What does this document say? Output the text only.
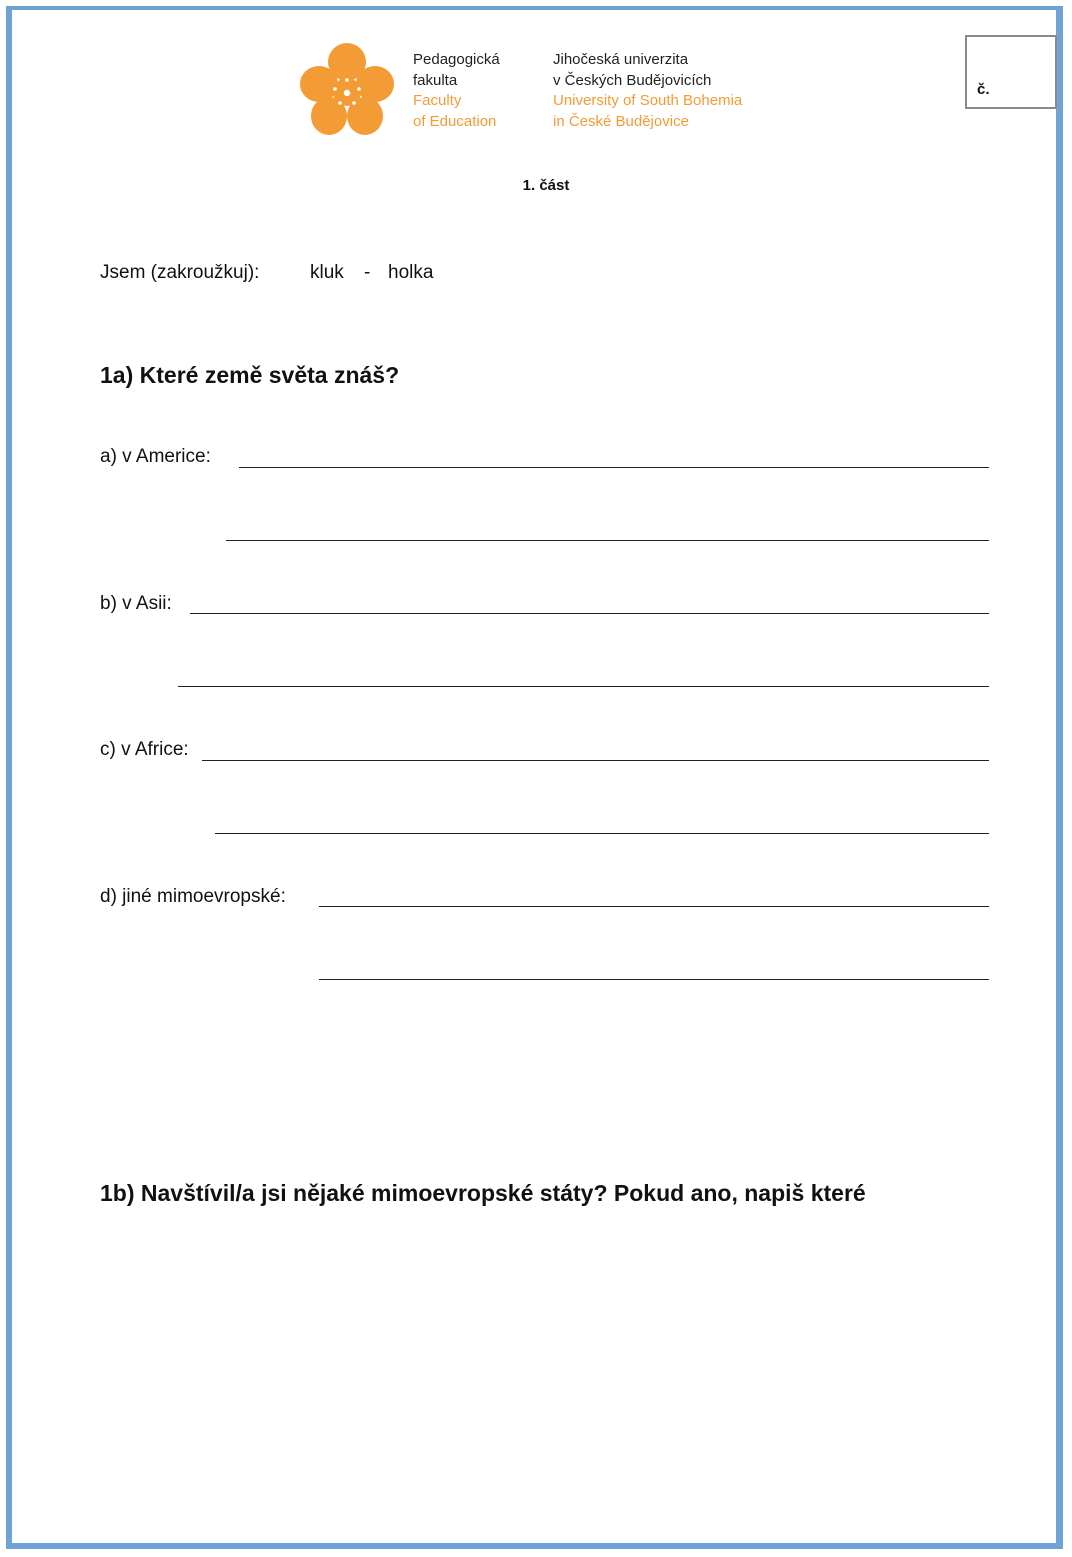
Pedagogická
fakulta
Faculty
of Education
Jihočeská univerzita
v Českých Budějovicích
University of South Bohemia
in České Budějovice
č.
1. část
Jsem (zakroužkuj):	kluk - holka
1a) Které země světa znáš?
a) v Americe:
b) v Asii:
c) v Africe:
d) jiné mimoevropské:
1b) Navštívil/a jsi nějaké mimoevropské státy? Pokud ano, napiš které
